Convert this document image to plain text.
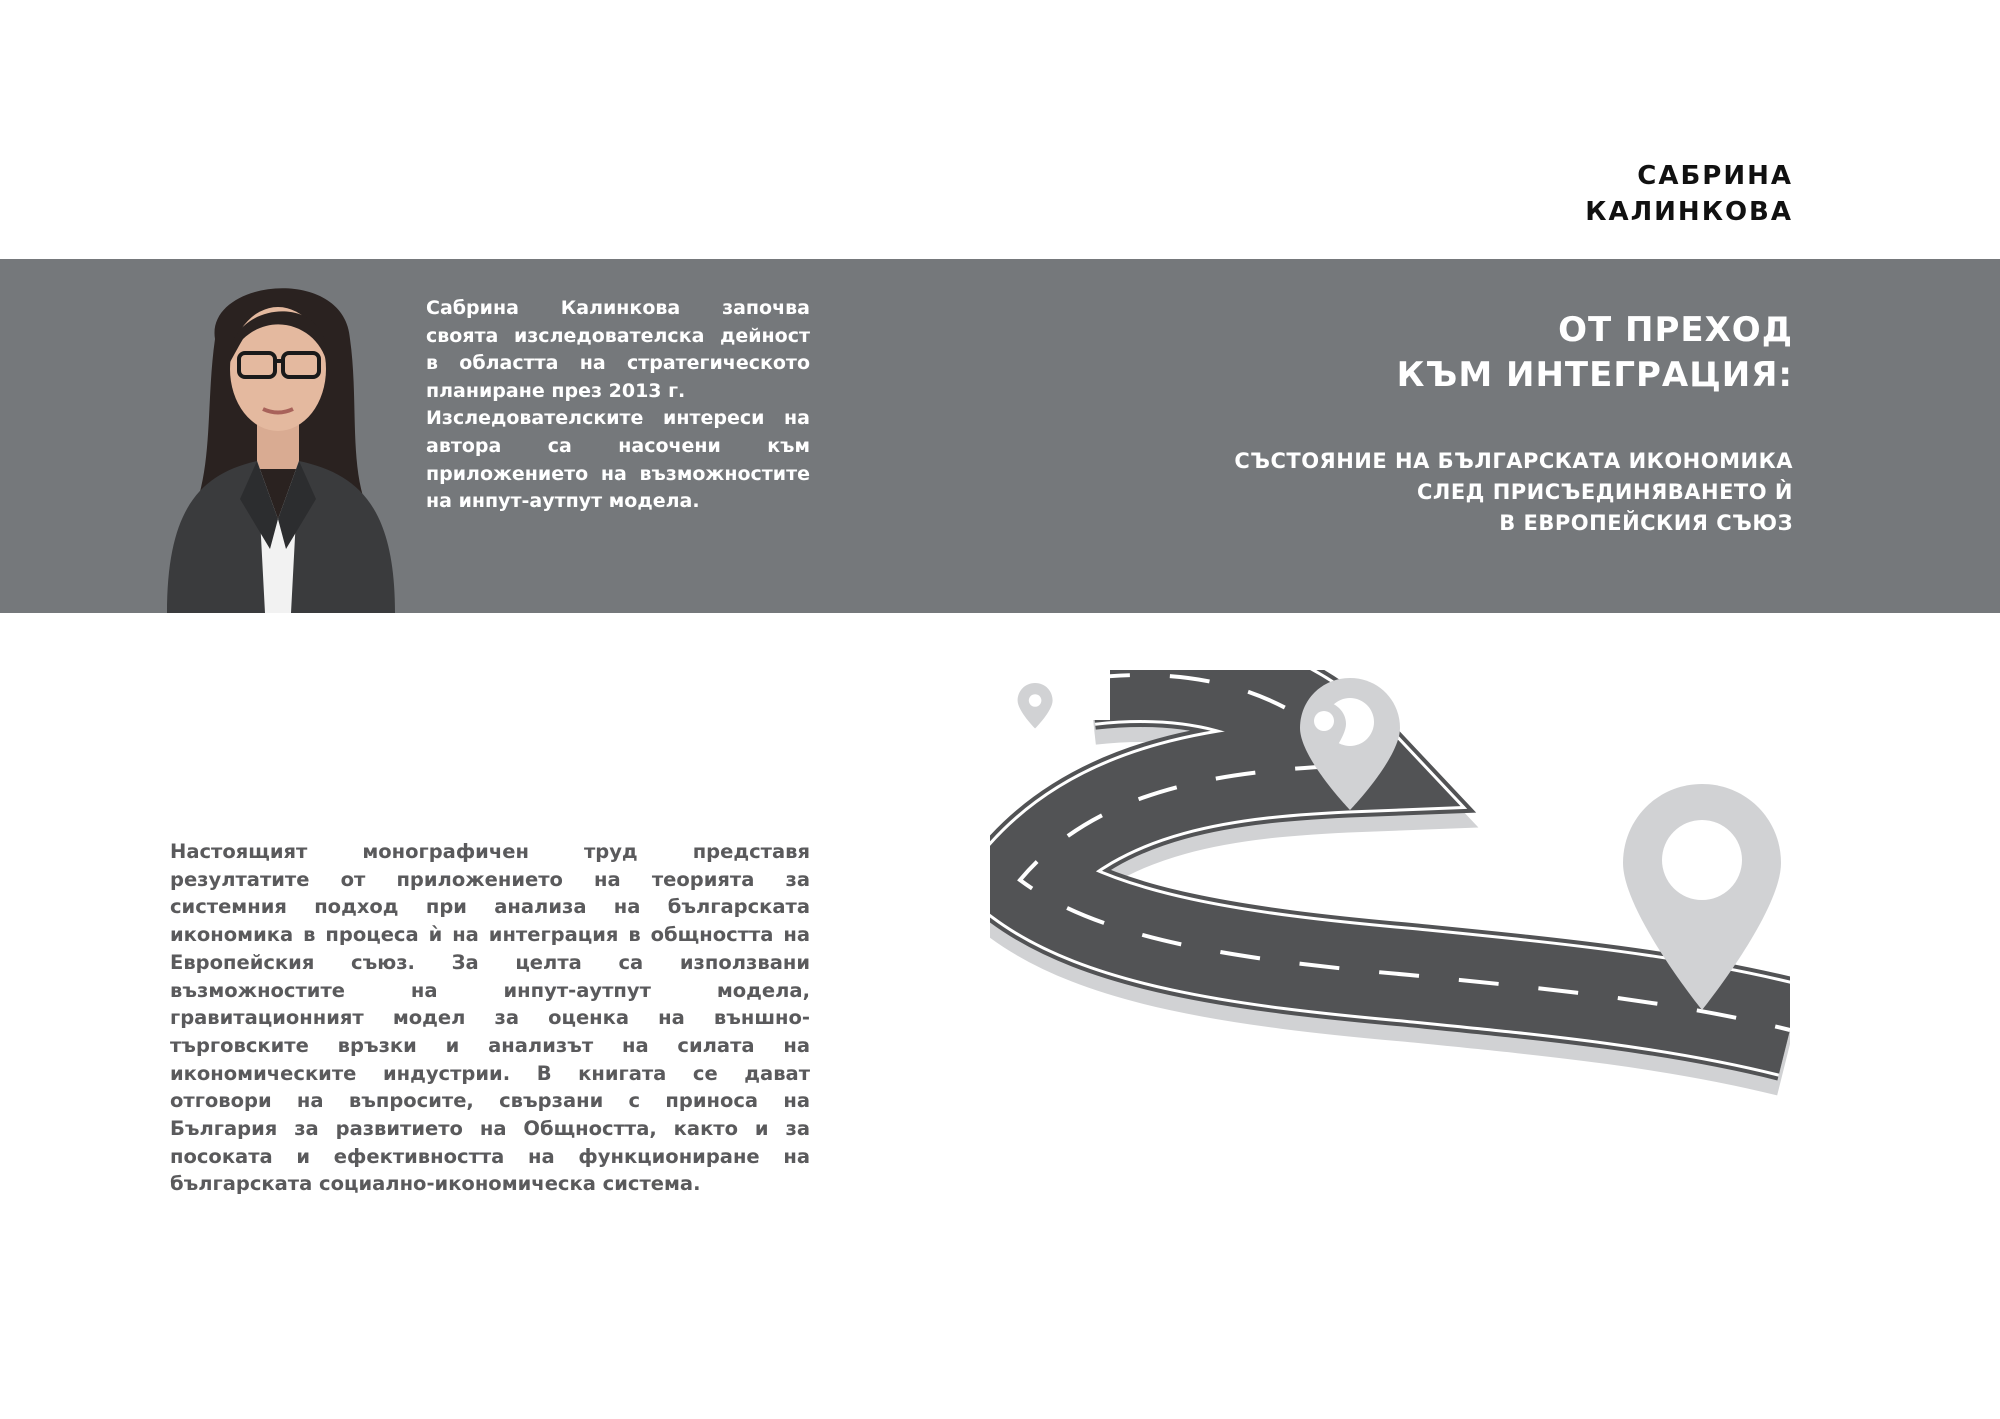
САБРИНА
КАЛИНКОВА

Сабрина Калинкова започва своята изследователска дейност в областта на стратегическото планиране през 2013 г.

Изследователските интереси на автора са насочени към приложението на възможностите на инпут-аутпут модела.

ОТ ПРЕХОД
КЪМ ИНТЕГРАЦИЯ:
СЪСТОЯНИЕ НА БЪЛГАРСКАТА ИКОНОМИКА
СЛЕД ПРИСЪЕДИНЯВАНЕТО Ѝ
В ЕВРОПЕЙСКИЯ СЪЮЗ

Настоящият монографичен труд представя резултатите от приложението на теорията за системния подход при анализа на българската икономика в процеса ѝ на интеграция в общността на Европейския съюз. За целта са използвани възможностите на инпут-аутпут модела, гравитационният модел за оценка на външно-търговските връзки и анализът на силата на икономическите индустрии. В книгата се дават отговори на въпросите, свързани с приноса на България за развитието на Общността, както и за посоката и ефективността на функциониране на българската социално-икономическа система.
